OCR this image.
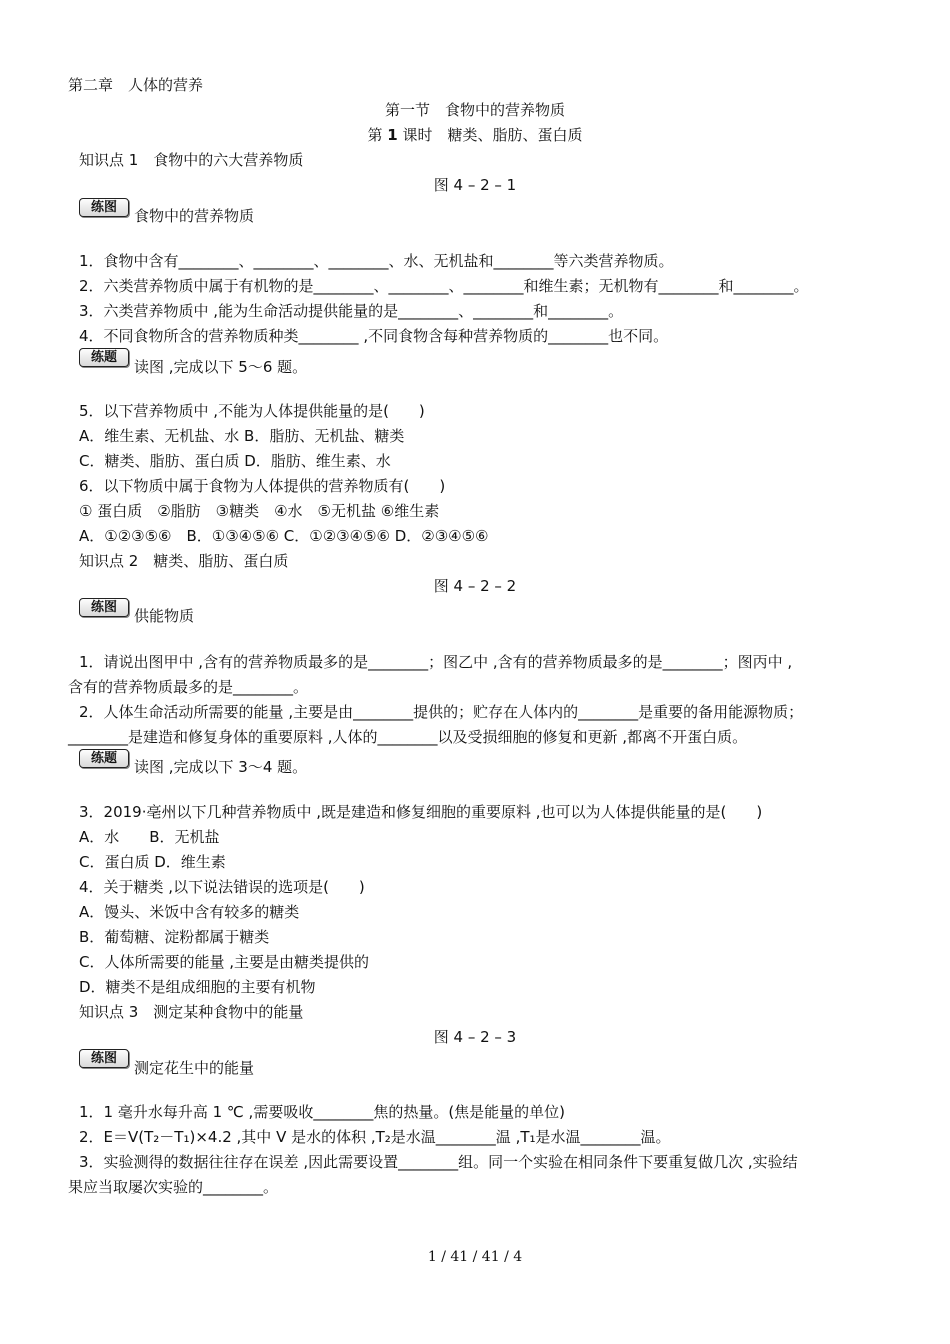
第二章　人体的营养
第一节　食物中的营养物质
第 1 课时　糖类、脂肪、蛋白质
知识点 1　食物中的六大营养物质
图 4 – 2 – 1
练图	食物中的营养物质
1．食物中含有________、________、________、水、无机盐和________等六类营养物质。
2．六类营养物质中属于有机物的是________、________、________和维生素；无机物有________和________。
3．六类营养物质中 ,能为生命活动提供能量的是________、________和________。
4．不同食物所含的营养物质种类________ ,不同食物含每种营养物质的________也不同。
练题
读图 ,完成以下 5～6 题。
5．以下营养物质中 ,不能为人体提供能量的是(　　)
A．维生素、无机盐、水 B．脂肪、无机盐、糖类
C．糖类、脂肪、蛋白质 D．脂肪、维生素、水
6．以下物质中属于食物为人体提供的营养物质有(　　)
① 蛋白质　②脂肪　③糖类　④水　⑤无机盐 ⑥维生素
A．①②③⑤⑥　B．①③④⑤⑥ C．①②③④⑤⑥ D．②③④⑤⑥
知识点 2　糖类、脂肪、蛋白质
图 4 – 2 – 2
练图	供能物质
1．请说出图甲中 ,含有的营养物质最多的是________；图乙中 ,含有的营养物质最多的是________；图丙中 ,
含有的营养物质最多的是________。
2．人体生命活动所需要的能量 ,主要是由________提供的；贮存在人体内的________是重要的备用能源物质；
________是建造和修复身体的重要原料 ,人体的________以及受损细胞的修复和更新 ,都离不开蛋白质。
练题	读图 ,完成以下 3～4 题。
3．2019·亳州以下几种营养物质中 ,既是建造和修复细胞的重要原料 ,也可以为人体提供能量的是(　　)
A．水　　B．无机盐
C．蛋白质 D．维生素
4．关于糖类 ,以下说法错误的选项是(　　)
A．馒头、米饭中含有较多的糖类
B．葡萄糖、淀粉都属于糖类
C．人体所需要的能量 ,主要是由糖类提供的
D．糖类不是组成细胞的主要有机物
知识点 3　测定某种食物中的能量
图 4 – 2 – 3
练图
测定花生中的能量
1．1 毫升水每升高 1 ℃ ,需要吸收________焦的热量。(焦是能量的单位)
2．E＝V(T₂－T₁)×4.2 ,其中 V 是水的体积 ,T₂是水温________温 ,T₁是水温________温。
3．实验测得的数据往往存在误差 ,因此需要设置________组。同一个实验在相同条件下要重复做几次 ,实验结
果应当取屡次实验的________。
1 / 41 / 41 / 4
